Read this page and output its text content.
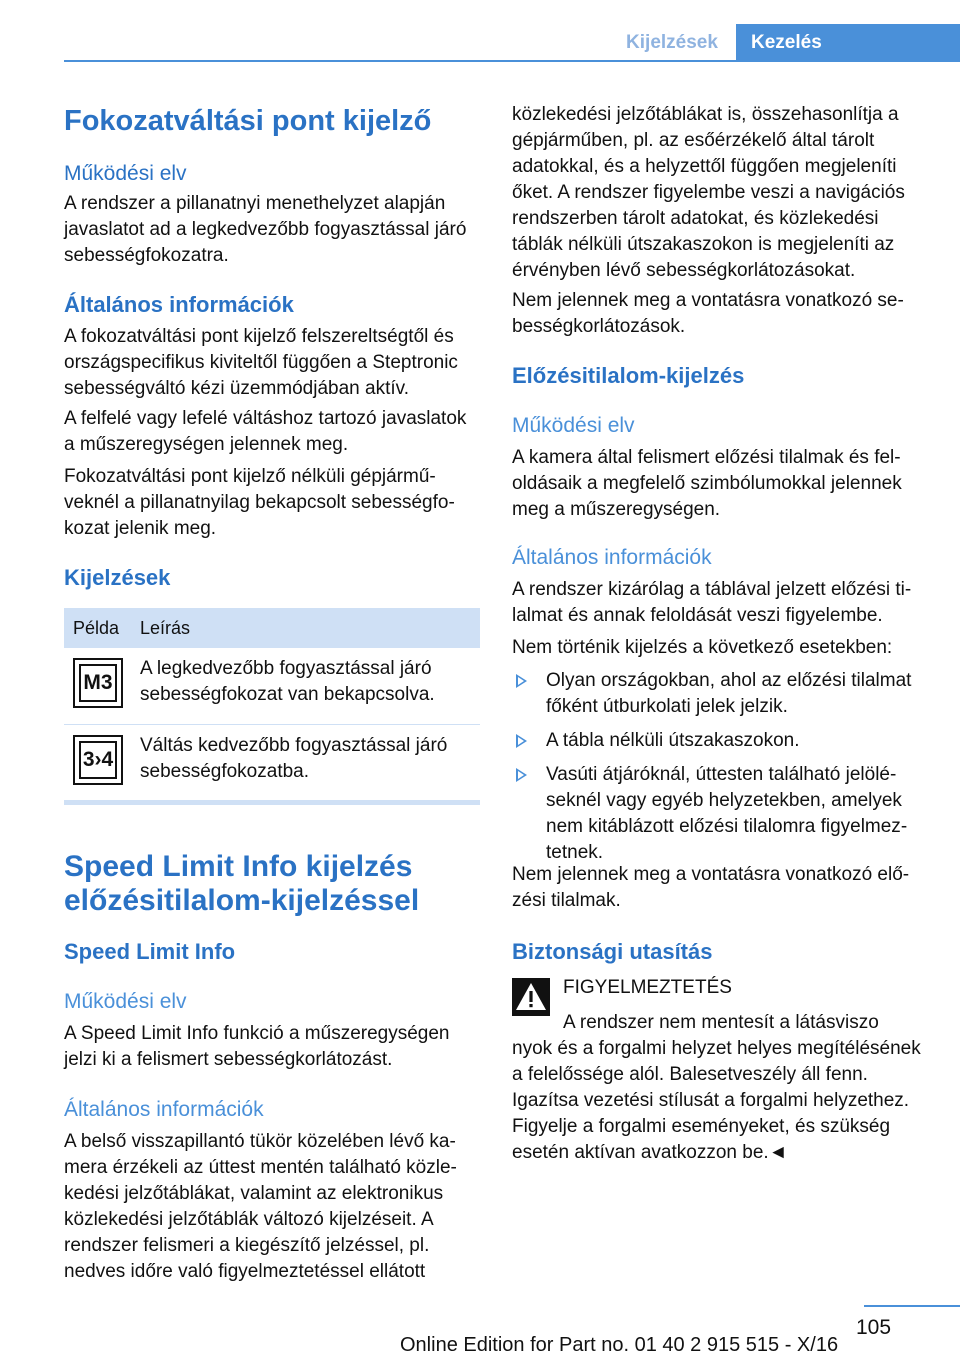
Kijelzések	Kezelés
Fokozatváltási pont kijelző
Működési elv
A rendszer a pillanatnyi menethelyzet alapján javaslatot ad a legkedvezőbb fogyasztással járó sebességfokozatra.
Általános információk
A fokozatváltási pont kijelző felszereltségtől és országspecifikus kiviteltől függően a Steptronic sebességváltó kézi üzemmódjában aktív.
A felfelé vagy lefelé váltáshoz tartozó javaslatok a műszeregységen jelennek meg.
Fokozatváltási pont kijelző nélküli gépjárműveknél a pillanatnyilag bekapcsolt sebességfokozat jelenik meg.
Kijelzések
Példa Leírás
M3
A legkedvezőbb fogyasztással járó sebességfokozat van bekapcsolva.
3›4
Váltás kedvezőbb fogyasztással járó sebességfokozatba.
Speed Limit Info kijelzés
előzésitilalom-kijelzéssel
Speed Limit Info
Működési elv
A Speed Limit Info funkció a műszeregységen jelzi ki a felismert sebességkorlátozást.
Általános információk
A belső visszapillantó tükör közelében lévő kamera érzékeli az úttest mentén található közlekedési jelzőtáblákat, valamint az elektronikus közlekedési jelzőtáblák változó kijelzéseit. A rendszer felismeri a kiegészítő jelzéssel, pl. nedves időre való figyelmeztetéssel ellátott
közlekedési jelzőtáblákat is, összehasonlítja a gépjárműben, pl. az esőérzékelő által tárolt adatokkal, és a helyzettől függően megjeleníti őket. A rendszer figyelembe veszi a navigációs rendszerben tárolt adatokat, és közlekedési táblák nélküli útszakaszokon is megjeleníti az érvényben lévő sebességkorlátozásokat.
Nem jelennek meg a vontatásra vonatkozó sebességkorlátozások.
Előzésitilalom-kijelzés
Működési elv
A kamera által felismert előzési tilalmak és feloldásaik a megfelelő szimbólumokkal jelennek meg a műszeregységen.
Általános információk
A rendszer kizárólag a táblával jelzett előzési tilalmat és annak feloldását veszi figyelembe.
Nem történik kijelzés a következő esetekben:
Olyan országokban, ahol az előzési tilalmat főként útburkolati jelek jelzik.
A tábla nélküli útszakaszokon.
Vasúti átjáróknál, úttesten található jelöléseknél vagy egyéb helyzetekben, amelyek nem kitáblázott előzési tilalomra figyelmeztetnek.
Nem jelennek meg a vontatásra vonatkozó előzési tilalmak.
Biztonsági utasítás
FIGYELMEZTETÉS
A rendszer nem mentesít a látásviszo
nyok és a forgalmi helyzet helyes megítélésének a felelőssége alól. Balesetveszély áll fenn. Igazítsa vezetési stílusát a forgalmi helyzethez. Figyelje a forgalmi eseményeket, és szükség esetén aktívan avatkozzon be.◄
105
Online Edition for Part no. 01 40 2 915 515 - X/16
